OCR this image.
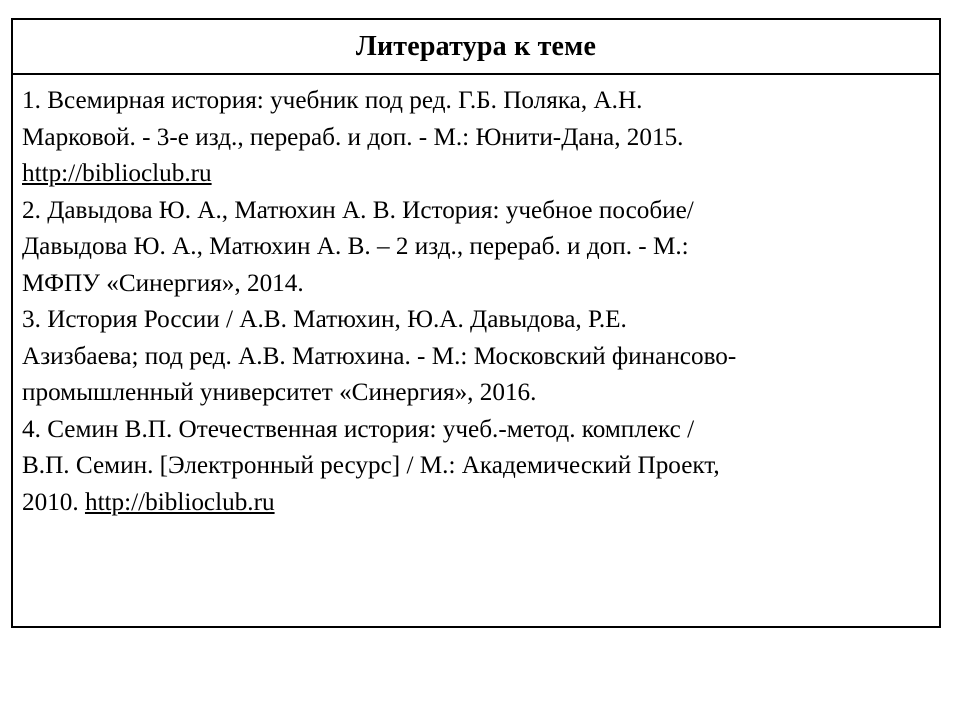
Литература к теме
1. Всемирная история: учебник под ред. Г.Б. Поляка, А.Н.
Марковой. - 3-е изд., перераб. и доп. - М.: Юнити-Дана, 2015.
http://biblioclub.ru
2. Давыдова Ю. А., Матюхин А. В. История: учебное пособие/
Давыдова Ю. А., Матюхин А. В. – 2 изд., перераб. и доп. - М.:
МФПУ «Синергия», 2014.
3. История России / А.В. Матюхин, Ю.А. Давыдова, Р.Е.
Азизбаева; под ред. А.В. Матюхина. - М.: Московский финансово-
промышленный университет «Синергия», 2016.
4. Семин В.П. Отечественная история: учеб.-метод. комплекс /
В.П. Семин. [Электронный ресурс] / М.: Академический Проект,
2010. http://biblioclub.ru
